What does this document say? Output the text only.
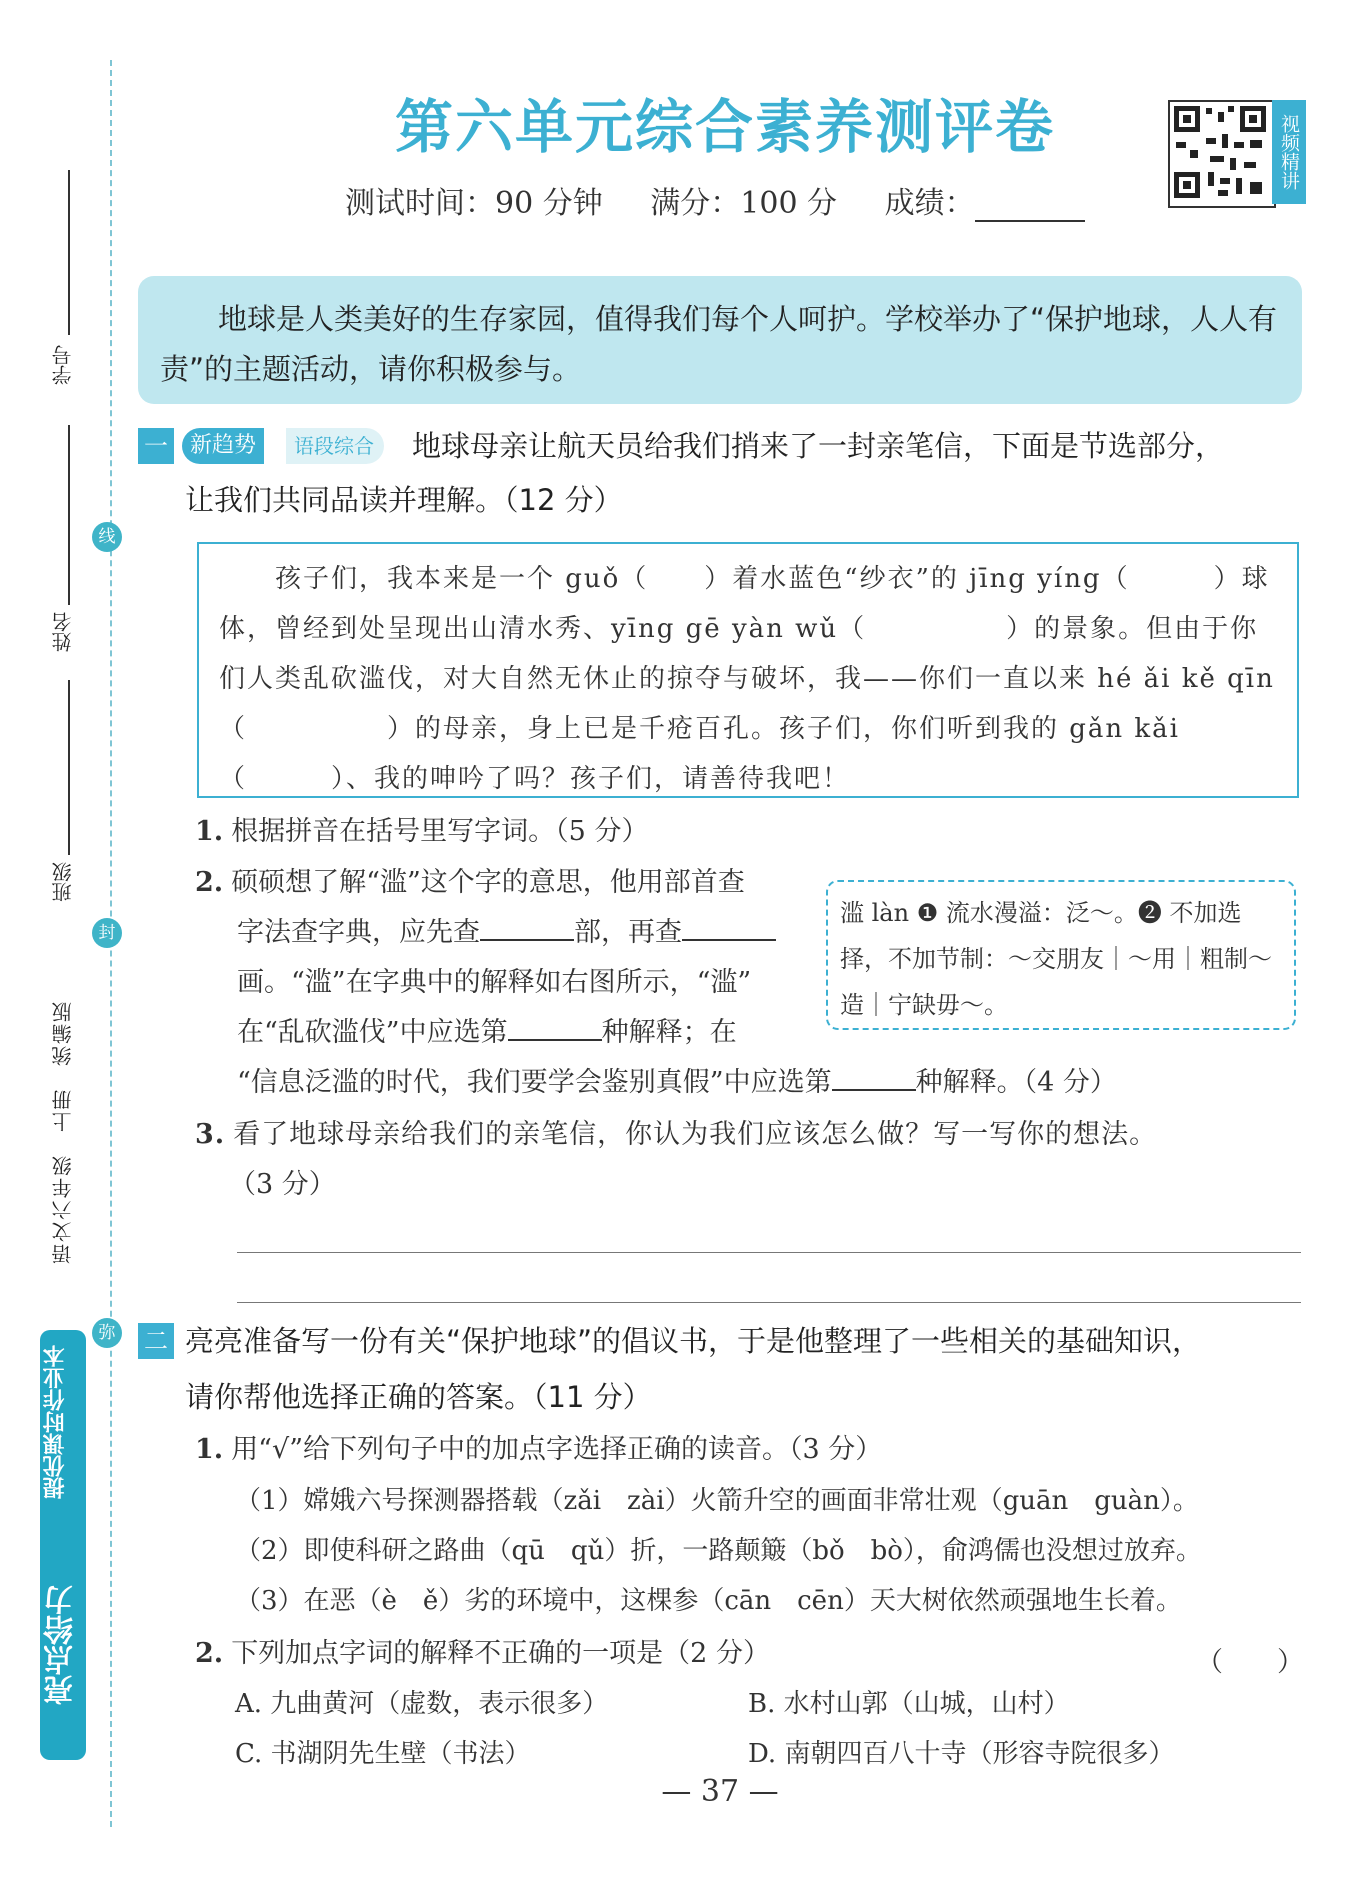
学号
姓名
班级
线
封
弥
语文六年级　上册　统编版
亮点给力
提优课时作业本
第六单元综合素养测评卷
测试时间：90 分钟 满分：100 分 成绩：
视频精讲

地球是人类美好的生存家园，值得我们每个人呵护。学校举办了“保护地球，人人有责”的主题活动，请你积极参与。

一	新趋势	语段综合	地球母亲让航天员给我们捎来了一封亲笔信，下面是节选部分，
让我们共同品读并理解。（12 分）

孩子们，我本来是一个 guǒ（　　）着水蓝色“纱衣”的 jīng yíng（　　　）球体，曾经到处呈现出山清水秀、yīng gē yàn wǔ（　　　　　）的景象。但由于你们人类乱砍滥伐，对大自然无休止的掠夺与破坏，我——你们一直以来 hé ǎi kě qīn（　　　　　）的母亲，身上已是千疮百孔。孩子们，你们听到我的 gǎn kǎi（　　　）、我的呻吟了吗？孩子们，请善待我吧！

1. 根据拼音在括号里写字词。（5 分）
2. 硕硕想了解“滥”这个字的意思，他用部首查
字法查字典，应先查	部，再查
画。“滥”在字典中的解释如右图所示，“滥”
在“乱砍滥伐”中应选第	种解释；在
“信息泛滥的时代，我们要学会鉴别真假”中应选第	种解释。（4 分）
滥 làn ❶ 流水漫溢：泛～。❷ 不加选择，不加节制：～交朋友｜～用｜粗制～造｜宁缺毋～。
3. 看了地球母亲给我们的亲笔信，你认为我们应该怎么做？写一写你的想法。
（3 分）
二 亮亮准备写一份有关“保护地球”的倡议书，于是他整理了一些相关的基础知识，
请你帮他选择正确的答案。（11 分）
1. 用“√”给下列句子中的加点字选择正确的读音。（3 分）
（1）嫦娥六号探测器搭载（zǎi　zài）火箭升空的画面非常壮观（guān　guàn）。
（2）即使科研之路曲（qū　qǔ）折，一路颠簸（bǒ　bò），俞鸿儒也没想过放弃。
（3）在恶（è　ě）劣的环境中，这棵参（cān　cēn）天大树依然顽强地生长着。
2. 下列加点字词的解释不正确的一项是（2 分）	（　　）
A. 九曲黄河（虚数，表示很多）	B. 水村山郭（山城，山村）
C. 书湖阴先生壁（书法）	D. 南朝四百八十寺（形容寺院很多）
— 37 —
